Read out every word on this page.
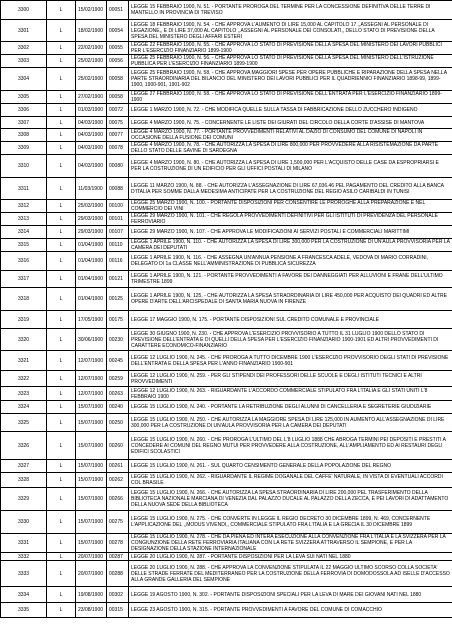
3300	L	15/02/1900	00051	LEGGE 15 FEBBRAIO 1900, N. 51. - PORTANTE PROROGA DEL TERMINE PER LA CONCESSIONE DEFINITIVA DELLE TERRE DI MANTELLO IN PROVINCIA DI TREVISO
3301	L	18/02/1900	00054	LEGGE 18 FEBBRAIO 1900, N. 54. - CHE APPROVA L'AUMENTO DI LIRE 15,000 AL CAPITOLO 17 ,,ASSEGNI AL PERSONALE DI LEGAZIONE,, E DI LIRE 37,000 AL CAPITOLO ,,ASSEGNI AL PERSONALE DEI CONSOLATI,, DELLO STATO DI PREVISIONE DELLA SPESA DEL MINISTERO DEGLI AFFARI ESTERI
3302	L	22/02/1900	00055	LEGGE 22 FEBBRAIO 1900, N. 55. - CHE APPROVA LO STATO DI PREVISIONE DELLA SPESA DEL MINISTERO DEI LAVORI PUBBLICI PER L'ESERCIZIO FINANZIARIO 1899-1900
3303	L	25/02/1900	00056	LEGGE 25 FEBBRAIO 1900, N. 56. - CHE APPROVA LO STATO DI PREVISIONE DELLA SPESA DEL MINISTERO DELL'ISTRUZIONE PUBBLICA PER L'ESERCIZIO FINANZIARIO 1899-1900
3304	L	25/02/1900	00058	LEGGE 25 FEBBRAIO 1900, N. 58. - CHE APPROVA MAGGIORI SPESE PER OPERE PUBBLICHE E RIPARAZIONE DELLA SPESA NELLA PARTE STRAORDINARIA DEL BILANCIO DEL MINISTERO DEI LAVORI PUBBLICI PER IL QUADRIENNIO FINANZIARIO 1898-99, 1899-1900, 1900-901, 1901-902
3305	L	27/02/1900	00058	LEGGE 27 FEBBRAIO 1900, N. 58. - CHE APPROVA LO STATO DI PREVISIONE DELL'ENTRATA PER L'ESERCIZIO FINANZIARIO 1899-1900
3306	L	01/03/1900	00072	LEGGE 1 MARZO 1900, N. 72. - CHE MODIFICA QUELLE SULLA TASSA DI FABBRICAZIONE DELLO ZUCCHERO INDIGENO
3307	L	04/03/1900	00075	LEGGE 4 MARZO 1900, N. 75. - CONCERNENTE LE LISTE DEI GIURATI DEL CIRCOLO DELLA CORTE D'ASSISE DI MANTOVA
3308	L	04/03/1900	00077	LEGGE 4 MARZO 1900, N. 77. - PORTANTE PROVVEDIMENTI RELATIVI AL DAZIO DI CONSUMO DEL COMUNE DI NAPOLI IN OCCASIONE DELLA FUSIONE DEI COMUNI
3309	L	04/03/1900	00078	LEGGE 4 MARZO 1900, N. 78. - CHE AUTORIZZA LA SPESA DI LIRE 800,000 PER PROVVEDERE ALLA RISISTEMAZIONE DA PARTE DELLO STATO DELLE SAVINE DI SARDEGNA
3310	L	04/03/1900	00080	LEGGE 4 MARZO 1900, N. 80. - CHE AUTORIZZA LA SPESA DI LIRE 1,500,000 PER L'ACQUISTO DELLE CASE DA ESPROPRIARSI E PER LA COSTRUZIONE DI UN EDIFICIO PER GLI UFFICI POSTALI DI MILANO
3311	L	11/03/1900	00088	LEGGE 11 MARZO 1900, N. 88. - CHE AUTORIZZA L'ASSEGNAZIONE DI LIRE 67,036.46 PEL PAGAMENTO DEL CREDITO ALLA BANCA D'ITALIA PER SOMME DALLA MEDESIMA ANTICIPATE PER LA COSTRUZIONE DEL REGIO ASILO CARIBALDI IN TUNISI
3312	L	25/03/1900	00100	LEGGE 25 MARZO 1900, N. 100. - PORTANTE DISPOSIZIONI PER CONSENTIRE LE PROROGHE ALLA PREPARAZIONE E NEL COMMERCIO DEI VINI
3313	L	29/03/1900	00101	LEGGE 29 MARZO 1900, N. 101. - CHE REGOLA PROVVEDIMENTI DEFINITIVI PER GLI ISTITUTI DI PREVIDENZA DEL PERSONALE FERROVIARIO
3314	L	29/03/1900	00107	LEGGE 29 MARZO 1900, N. 107. - CHE APPROVA LE MODIFICAZIONI AI SERVIZI POSTALI E COMMERCIALI MARITTIMI
3315	L	01/04/1900	00110	LEGGE 1 APRILE 1900, N. 110. - CHE AUTORIZZA LA SPESA DI LIRE 300,000 PER LA COSTRUZIONE DI UN'AULA PROVVISORIA PER LA CAMERA DEI DEPUTATI
3316	L	01/04/1900	00116	LEGGE 1 APRILE 1900, N. 116. - CHE ASSEGNA UN'ANNUA PENSIONE A FRANCESCA ADELE, VEDOVA DI MARIO CORRADINI, DELEGATO DI 1a CLASSE NELL'AMMINISTRAZIONE DI PUBBLICA SICUREZZA
3317	L	01/04/1900	00121	LEGGE 1 APRILE 1900, N. 121. - PORTANTE PROVVEDIMENTI A FAVORE DEI DANNEGGIATI PER ALLUVIONI E FRANE DELL'ULTIMO TRIMESTRE 1899
3318	L	01/04/1900	00125	LEGGE 1 APRILE 1900, N. 125. - CHE AUTORIZZA LA SPESA STRAORDINARIA DI LIRE 450,000 PER ACQUISTO DEI QUADRI ED ALTRE OPERE D'ARTE DELL'ARCISPEDALE DI SANTA MARIA NUOVA IN FIRENZE
3319	L	17/05/1900	00175	LEGGE 17 MAGGIO 1900, N. 175. - PORTANTE DISPOSIZIONI SUL CREDITO COMUNALE E PROVINCIALE
3320	L	30/06/1900	00230	LEGGE 30 GIUGNO 1900, N. 230. - CHE APPROVA L'ESERCIZIO PROVVISORIO A TUTTO IL 31 LUGLIO 1900 DELLO STATO DI PREVISIONE DELL'ENTRATA E DI QUELLI DELLA SPESA PER L'ESERCIZIO FINANZIARIO 1900-1901 ED ALTRI PROVVEDIMENTI DI CARATTERE ECONOMICO-FINANZIARIO
3321	L	12/07/1900	00245	LEGGE 12 LUGLIO 1900, N. 245. - CHE PROROGA A TUTTO DICEMBRE 1900 L'ESERCIZIO PROVVISORIO DEGLI STATI DI PREVISIONE DELL'ENTRATA E DELLA SPESA PER L'ANNO FINANZIARIO 1900-901
3322	L	12/07/1900	00259	LEGGE 12 LUGLIO 1900, N. 259. - PER GLI STIPENDI DEI PROFESSORI DELLE SCUOLE E DEGLI ISTITUTI TECNICI E ALTRI PROVVEDIMENTI
3323	L	12/07/1900	00263	LEGGE 12 LUGLIO 1900, N. 263. - RIGUARDANTE L'ACCORDO COMMERCIALE STIPULATO FRA L'ITALIA E GLI STATI UNITI L'8 FEBBRAIO 1900
3324	L	15/07/1900	00240	LEGGE 15 LUGLIO 1900, N. 240. - PORTANTE LA RETRIBUZIONE DEGLI ALUNNI DI CANCELLERIA E SEGRETERIE GIUDIZIARIE
3325	L	15/07/1900	00250	LEGGE 15 LUGLIO 1900, N. 250. - CHE AUTORIZZA LA MAGGIORE SPESA DI LIRE 125,000 IN AUMENTO ALL'ASSEGNAZIONE DI LIRE 300,000 PER LA COSTRUZIONE DI UN'AULA PROVVISORIA PER LA CAMERA DEI DEPUTATI
3326	L	15/07/1900	00260	LEGGE 15 LUGLIO 1900, N. 260. - CHE PROROGA L'ULTIMO DEL L'8 LUGLIO 1888 CHE ABROGA TERMINI PEI DEPOSITI E PRESTITI A CONCEDERE AI COMUNI DEL REGNO MUTUI PER PROVVEDERE ALLA COSTRUZIONE, ALL'AMPLIAMENTO ED AI RESTAURI DEGLI EDIFICI SCOLASTICI
3327	L	15/07/1900	00261	LEGGE 15 LUGLIO 1900, N. 261. - SUL QUARTO CENSIMENTO GENERALE DELLA POPOLAZIONE DEL REGNO
3328	L	15/07/1900	00262	LEGGE 15 LUGLIO 1900, N. 262. - RIGUARDANTE IL REGIME DOGANALE DEL CAFFE' NATURALE, IN VISTA DI EVENTUALI ACCORDI COL BRASILE
3329	L	15/07/1900	00266	LEGGE 15 LUGLIO 1900, N. 266. - CHE AUTORIZZA LA SPESA STRAORDINARIA DI LIRE 200,000 PEL TRASFERIMENTO DELLA BIBLIOTECA NAZIONALE MARCIANA DI VENEZIA DAL PALAZZO DUCALE AL PALAZZO DELLA ZECCA, E PEI LAVORI DI ADATTAMENTO DELLA NUOVA SEDE DELLA BIBLIOTECA
3330	L	15/07/1900	00275	LEGGE 15 LUGLIO 1900, N. 275. - CHE CONVERTE IN LEGGE IL REGIO DECRETO 30 DICEMBRE 1899, N. 469, CONCERNENTE L'APPLICAZIONE DEL ,,MODUS VIVENDI,, COMMERCIALE STIPULATO FRA L'ITALIA E LA GRECIA IL 30 DICEMBRE 1899
3331	L	15/07/1900	00278	LEGGE 15 LUGLIO 1900, N. 278. - CHE DA PIENA ED INTERA ESECUZIONE ALLA CONVENZIONE FRA L'ITALIA E LA SVIZZERA PER LA CONGIUNZIONE DELLA RETE FERROVIARIA ITALIANA CON LA RETE SVIZZERA ATTRAVERSO IL SEMPIONE, E PER LA DESIGNAZIONE DELLA STAZIONE INTERNAZIONALE
3332	L	20/07/1900	00287	LEGGE 20 LUGLIO 1900, N. 287. - PORTANTE DISPOSIZIONI PER LA LEVA SUI NATI NEL 1880
3333	L	20/07/1900	00288	LEGGE 20 LUGLIO 1900, N. 288. - CHE APPROVA LA CONVENZIONE STIPULATA IL 22 MAGGIO ULTIMO SCORSO COLLA SOCIETA' DELLE STRADE FERRATE DEL MEDITERRANEO PER LA COSTRUZIONE DELLA FERROVIA DI DOMODOSSOLA AD ISELLE D'ACCESSO ALLA GRANDE GALLERIA DEL SEMPIONE
3334	L	19/08/1900	00302	LEGGE 19 AGOSTO 1900, N. 302. - PORTANTE DISPOSIZIONI SPECIALI PER LA LEVA DI MARE DEI GIOVANI NATI NEL 1880
3335	L	23/08/1900	00315	LEGGE 23 AGOSTO 1900, N. 315. - PORTANTE PROVVEDIMENTI A FAVORE DEL COMUNE DI COMACCHIO
